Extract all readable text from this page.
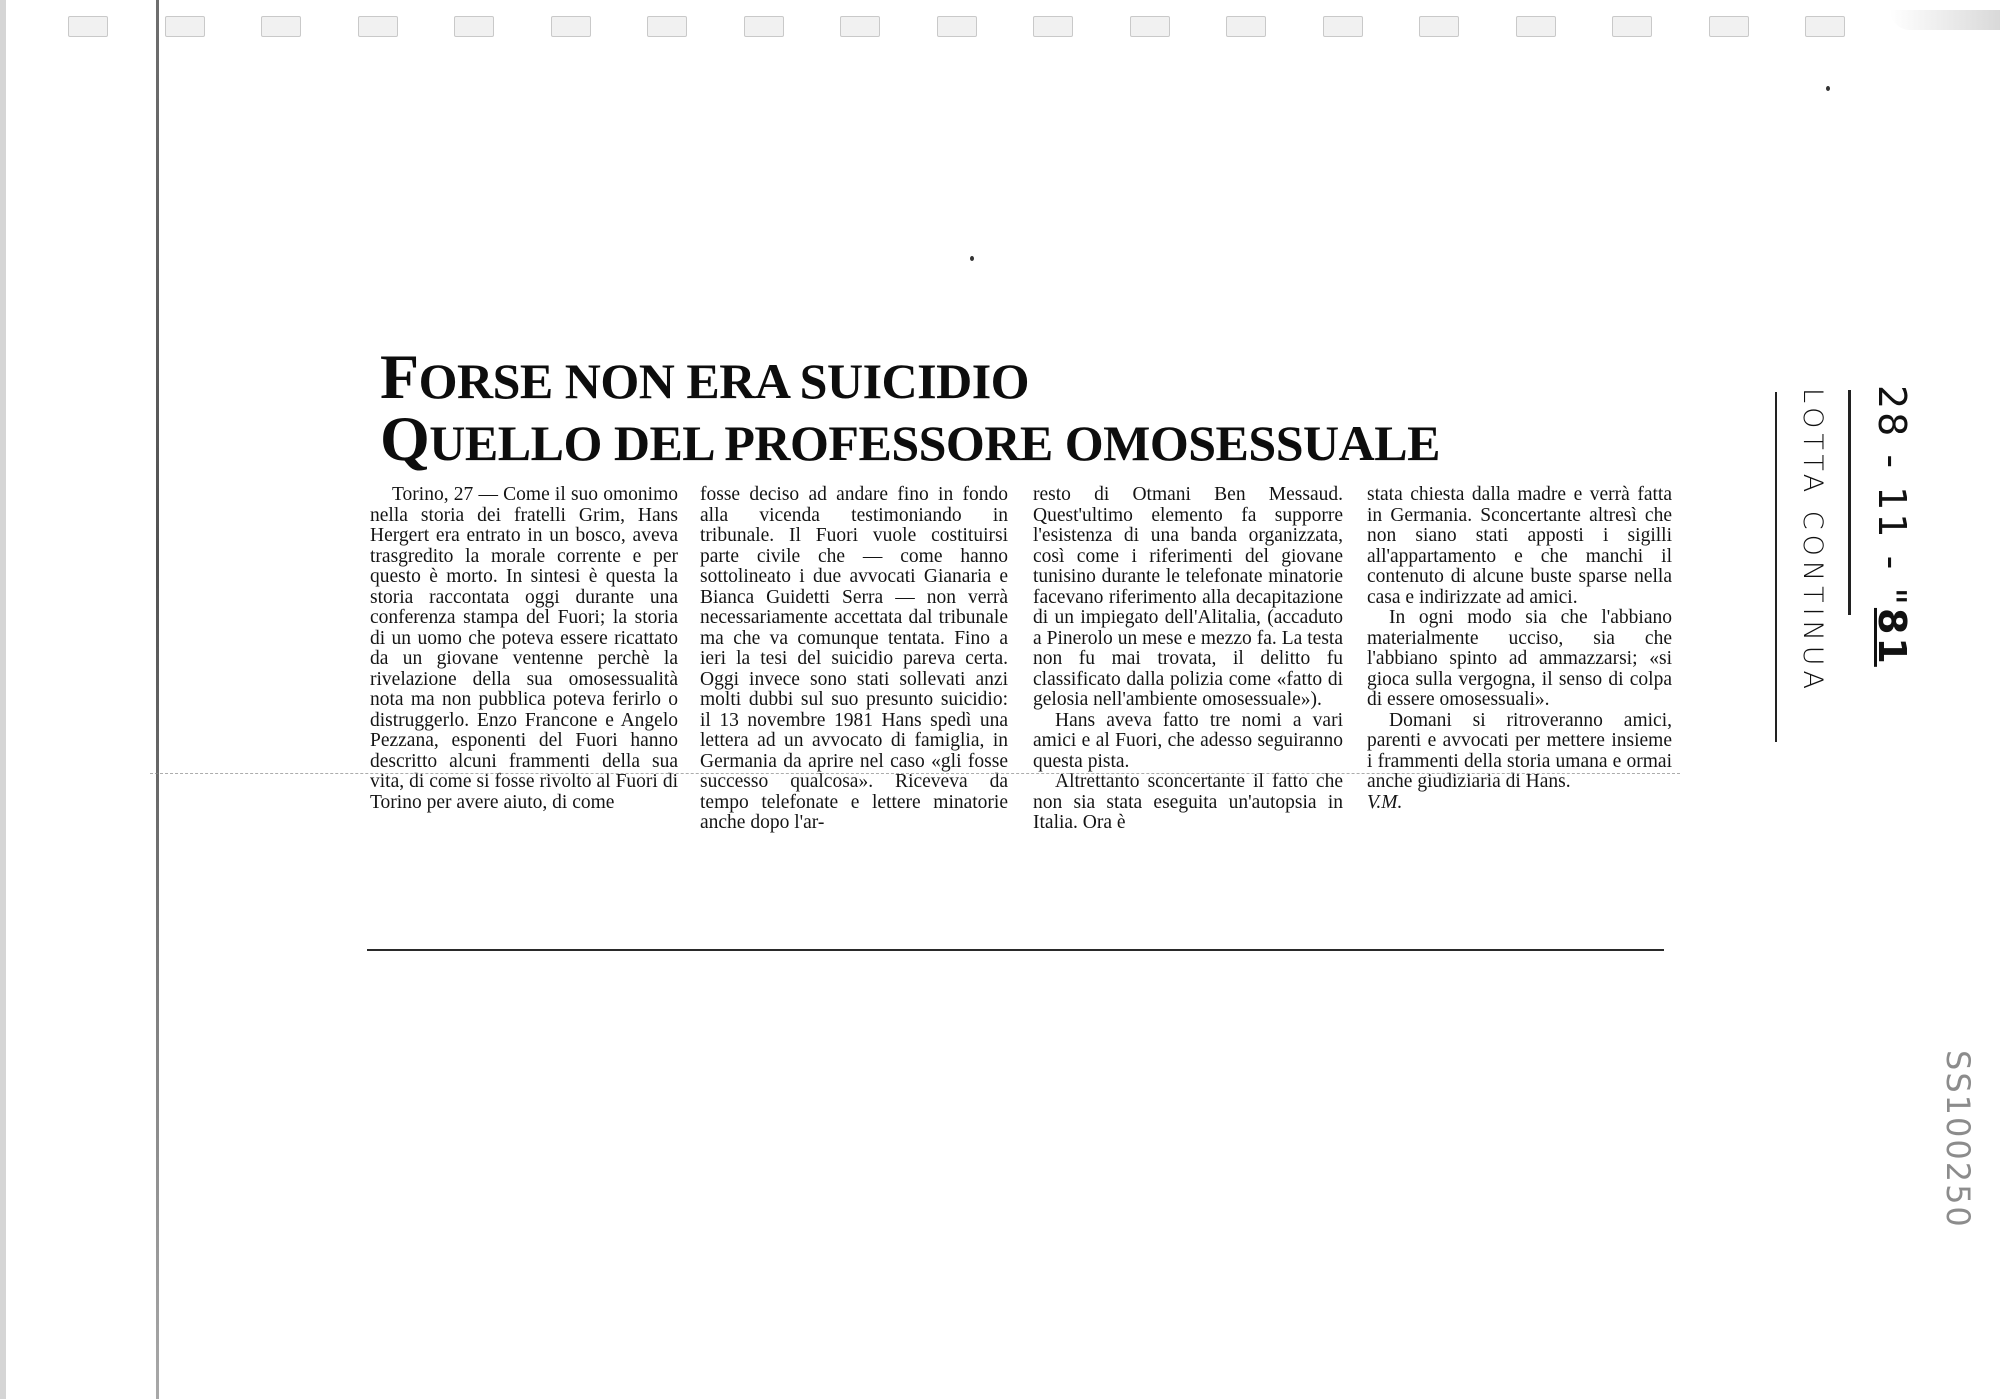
FORSE NON ERA SUICIDIO
QUELLO DEL PROFESSORE OMOSESSUALE

Torino, 27 — Come il suo omonimo nella storia dei fratelli Grim, Hans Hergert era entrato in un bosco, aveva trasgredito la morale corrente e per questo è morto. In sintesi è questa la storia raccontata oggi durante una conferenza stampa del Fuori; la storia di un uomo che poteva essere ricattato da un giovane ventenne perchè la rivelazione della sua omosessualità nota ma non pubblica poteva ferirlo o distruggerlo. Enzo Francone e Angelo Pezzana, esponenti del Fuori hanno descritto alcuni frammenti della sua vita, di come si fosse rivolto al Fuori di Torino per avere aiuto, di come

fosse deciso ad andare fino in fondo alla vicenda testimoniando in tribunale. Il Fuori vuole costituirsi parte civile che — come hanno sottolineato i due avvocati Gianaria e Bianca Guidetti Serra — non verrà necessariamente accettata dal tribunale ma che va comunque tentata. Fino a ieri la tesi del suicidio pareva certa. Oggi invece sono stati sollevati anzi molti dubbi sul suo presunto suicidio: il 13 novembre 1981 Hans spedì una lettera ad un avvocato di famiglia, in Germania da aprire nel caso «gli fosse successo qualcosa». Riceveva da tempo telefonate e lettere minatorie anche dopo l'ar-

resto di Otmani Ben Messaud. Quest'ultimo elemento fa supporre l'esistenza di una banda organizzata, così come i riferimenti del giovane tunisino durante le telefonate minatorie facevano riferimento alla decapitazione di un impiegato dell'Alitalia, (accaduto a Pinerolo un mese e mezzo fa. La testa non fu mai trovata, il delitto fu classificato dalla polizia come «fatto di gelosia nell'ambiente omosessuale»).

Hans aveva fatto tre nomi a vari amici e al Fuori, che adesso seguiranno questa pista.

Altrettanto sconcertante il fatto che non sia stata eseguita un'autopsia in Italia. Ora è

stata chiesta dalla madre e verrà fatta in Germania. Sconcertante altresì che non siano stati apposti i sigilli all'appartamento e che manchi il contenuto di alcune buste sparse nella casa e indirizzate ad amici.

In ogni modo sia che l'abbiano materialmente ucciso, sia che l'abbiano spinto ad ammazzarsi; «si gioca sulla vergogna, il senso di colpa di essere omosessuali».

Domani si ritroveranno amici, parenti e avvocati per mettere insieme i frammenti della storia umana e ormai anche giudiziaria di Hans.

V.M.

LOTTA CONTINUA 28 - 11 - "81
SS100250
